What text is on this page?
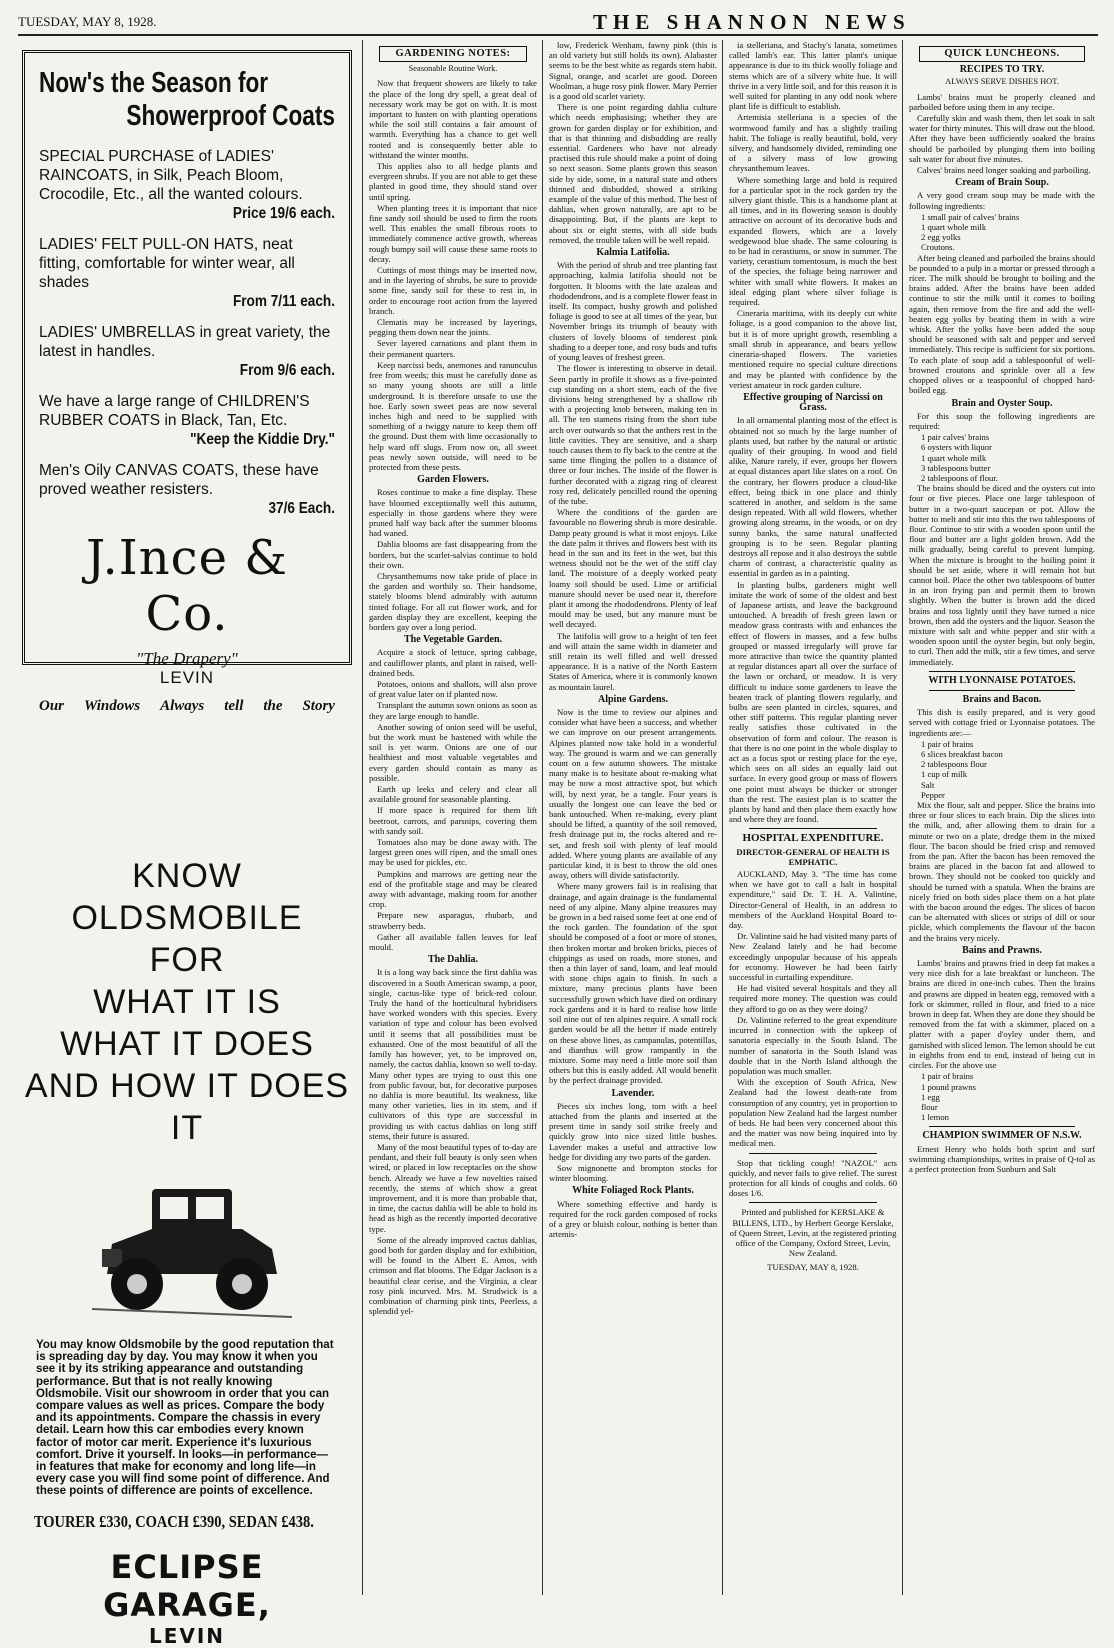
TUESDAY, MAY 8, 1928.	THE SHANNON NEWS
Now's the Season for
Showerproof Coats
SPECIAL PURCHASE of LADIES' RAINCOATS, in Silk, Peach Bloom, Crocodile, Etc., all the wanted colours.
Price 19/6 each.
LADIES' FELT PULL-ON HATS, neat fitting, comfortable for winter wear, all shades
From 7/11 each.
LADIES' UMBRELLAS in great variety, the latest in handles.
From 9/6 each.
We have a large range of CHILDREN'S RUBBER COATS in Black, Tan, Etc.
"Keep the Kiddie Dry."
Men's Oily CANVAS COATS, these have proved weather resisters.
37/6 Each.
J.Ince & Co.
"The Drapery"
LEVIN
Our Windows Always tell the Story
KNOW OLDSMOBILE
FOR
WHAT IT IS
WHAT IT DOES
AND HOW IT DOES IT
You may know Oldsmobile by the good reputation that is spreading day by day. You may know it when you see it by its striking appearance and outstanding performance. But that is not really knowing Oldsmobile. Visit our showroom in order that you can compare values as well as prices. Compare the body and its appointments. Compare the chassis in every detail. Learn how this car embodies every known factor of motor car merit. Experience it's luxurious comfort. Drive it yourself. In looks—in performance—in features that make for economy and long life—in every case you will find some point of difference. And these points of difference are points of excellence.
TOURER £330, COACH £390, SEDAN £438.
ECLIPSE GARAGE,
LEVIN
GARDENING NOTES:
Seasonable Routine Work.

Now that frequent showers are likely to take the place of the long dry spell, a great deal of necessary work may be got on with. It is most important to hasten on with planting operations while the soil still contains a fair amount of warmth. Everything has a chance to get well rooted and is consequently better able to withstand the winter months.

This applies also to all hedge plants and evergreen shrubs. If you are not able to get these planted in good time, they should stand over until spring.

When planting trees it is important that nice fine sandy soil should be used to firm the roots well. This enables the small fibrous roots to immediately commence active growth, whereas rough bumpy soil will cause these same roots to decay.

Cuttings of most things may be inserted now, and in the layering of shrubs, be sure to provide some fine, sandy soil for these to rest in, in order to encourage root action from the layered branch.

Clematis may be increased by layerings, pegging them down near the joints.

Sever layered carnations and plant them in their permanent quarters.

Keep narcissi beds, anemones and ranunculus free from weeds; this must be carefully done as so many young shoots are still a little underground. It is therefore unsafe to use the hoe. Early sown sweet peas are now several inches high and need to be supplied with something of a twiggy nature to keep them off the ground. Dust them with lime occasionally to help ward off slugs. From now on, all sweet peas newly sown outside, will need to be protected from these pests.

Garden Flowers.

Roses continue to make a fine display. These have bloomed exceptionally well this autumn, especially in those gardens where they were pruned half way back after the summer blooms had waned.

Dahlia blooms are fast disappearing from the borders, but the scarlet-salvias continue to hold their own.

Chrysanthemums now take pride of place in the garden and worthily so. Their handsome, stately blooms blend admirably with autumn tinted foliage. For all cut flower work, and for garden display they are excellent, keeping the borders gay over a long period.

The Vegetable Garden.

Acquire a stock of lettuce, spring cabbage, and cauliflower plants, and plant in raised, well-drained beds.

Potatoes, onions and shallots, will also prove of great value later on if planted now.

Transplant the autumn sown onions as soon as they are large enough to handle.

Another sowing of onion seed will be useful, but the work must be hastened with while the soil is yet warm. Onions are one of our healthiest and most valuable vegetables and every garden should contain as many as possible.

Earth up leeks and celery and clear all available ground for seasonable planting.

If more space is required for them lift beetroot, carrots, and parsnips, covering them with sandy soil.

Tomatoes also may be done away with. The largest green ones will ripen, and the small ones may be used for pickles, etc.

Pumpkins and marrows are getting near the end of the profitable stage and may be cleared away with advantage, making room for another crop.

Prepare new asparagus, rhubarb, and strawberry beds.

Gather all available fallen leaves for leaf mould.

The Dahlia.

It is a long way back since the first dahlia was discovered in a South American swamp, a poor, single, cactus-like type of brick-red colour. Truly the hand of the horticultural hybridisers have worked wonders with this species. Every variation of type and colour has been evolved until it seems that all possibilities must be exhausted. One of the most beautiful of all the family has however, yet, to be improved on, namely, the cactus dahlia, known so well to-day. Many other types are trying to oust this one from public favour, but, for decorative purposes no dahlia is more beautiful. Its weakness, like many other varieties, lies in its stem, and if cultivators of this type are successful in providing us with cactus dahlias on long stiff stems, their future is assured.

Many of the most beautiful types of to-day are pendant, and their full beauty is only seen when wired, or placed in low receptacles on the show bench. Already we have a few novelties raised recently, the stems of which show a great improvement, and it is more than probable that, in time, the cactus dahlia will be able to hold its head as high as the recently imported decorative type.

Some of the already improved cactus dahlias, good both for garden display and for exhibition, will be found in the Albert E. Amos, with crimson and flat blooms. The Edgar Jackson is a beautiful clear cerise, and the Virginia, a clear rosy pink incurved. Mrs. M. Strudwick is a combination of charming pink tints, Peerless, a splendid yel-

low, Frederick Wenham, fawny pink (this is an old variety but still holds its own). Alabaster seems to be the best white as regards stem habit. Signal, orange, and scarlet are good. Doreen Woolman, a huge rosy pink flower. Mary Perrier is a good old scarlet variety.

There is one point regarding dahlia culture which needs emphasising; whether they are grown for garden display or for exhibition, and that is that thinning and disbudding are really essential. Gardeners who have not already practised this rule should make a point of doing so next season. Some plants grown this season side by side, some, in a natural state and others thinned and disbudded, showed a striking example of the value of this method. The best of dahlias, when grown naturally, are apt to be disappointing. But, if the plants are kept to about six or eight stems, with all side buds removed, the trouble taken will be well repaid.

Kalmia Latifolia.

With the period of shrub and tree planting fast approaching, kalmia latifolia should not be forgotten. It blooms with the late azaleas and rhododendrons, and is a complete flower feast in itself. Its compact, bushy growth and polished foliage is good to see at all times of the year, but November brings its triumph of beauty with clusters of lovely blooms of tenderest pink shading to a deeper tone, and rosy buds and tufts of young leaves of freshest green.

The flower is interesting to observe in detail. Seen partly in profile it shows as a five-pointed cup standing on a short stem, each of the five divisions being strengthened by a shallow rib with a projecting knob between, making ten in all. The ten stamens rising from the short tube arch over outwards so that the anthers rest in the little cavities. They are sensitive, and a sharp touch causes them to fly back to the centre at the same time flinging the pollen to a distance of three or four inches. The inside of the flower is further decorated with a zigzag ring of clearest rosy red, delicately pencilled round the opening of the tube.

Where the conditions of the garden are favourable no flowering shrub is more desirable. Damp peaty ground is what it most enjoys. Like the date palm it thrives and flowers best with its head in the sun and its feet in the wet, but this wetness should not be the wet of the stiff clay land. The moisture of a deeply worked peaty loamy soil should be used. Lime or artificial manure should never be used near it, therefore plant it among the rhododendrons. Plenty of leaf mould may be used, but any manure must be well decayed.

The latifolia will grow to a height of ten feet and will attain the same width in diameter and still retain its well filled and well dressed appearance. It is a native of the North Eastern States of America, where it is commonly known as mountain laurel.

Alpine Gardens.

Now is the time to review our alpines and consider what have been a success, and whether we can improve on our present arrangements. Alpines planted now take hold in a wonderful way. The ground is warm and we can generally count on a few autumn showers. The mistake many make is to hesitate about re-making what may be now a most attractive spot, but which will, by next year, be a tangle. Four years is usually the longest one can leave the bed or bank untouched. When re-making, every plant should be lifted, a quantity of the soil removed, fresh drainage put in, the rocks altered and re-set, and fresh soil with plenty of leaf mould added. Where young plants are available of any particular kind, it is best to throw the old ones away, others will divide satisfactorily.

Where many growers fail is in realising that drainage, and again drainage is the fundamental need of any alpine. Many alpine treasures may be grown in a bed raised some feet at one end of the rock garden. The foundation of the spot should be composed of a foot or more of stones, then broken mortar and broken bricks, pieces of chippings as used on roads, more stones, and then a thin layer of sand, loam, and leaf mould with stone chips again to finish. In such a mixture, many precious plants have been successfully grown which have died on ordinary rock gardens and it is hard to realise how little soil nine out of ten alpines require. A small rock garden would be all the better if made entirely on these above lines, as campanulas, potentillas, and dianthus will grow rampantly in the mixture. Some may need a little more soil than others but this is easily added. All would benefit by the perfect drainage provided.

Lavender.

Pieces six inches long, torn with a heel attached from the plants and inserted at the present time in sandy soil strike freely and quickly grow into nice sized little bushes. Lavender makes a useful and attractive low hedge for dividing any two parts of the garden.

Sow mignonette and brompton stocks for winter blooming.

White Foliaged Rock Plants.

Where something effective and hardy is required for the rock garden composed of rocks of a grey or bluish colour, nothing is better than artemis-

ia stelleriana, and Stachy's lanata, sometimes called lamb's ear. This latter plant's unique appearance is due to its thick woolly foliage and stems which are of a silvery white hue. It will thrive in a very little soil, and for this reason it is well suited for planting in any odd nook where plant life is difficult to establish.

Artemisia stelleriana is a species of the wormwood family and has a slightly trailing habit. The foliage is really beautiful, bold, very silvery, and handsomely divided, reminding one of a silvery mass of low growing chrysanthemum leaves.

Where something large and bold is required for a particular spot in the rock garden try the silvery giant thistle. This is a handsome plant at all times, and in its flowering season is doubly attractive on account of its decorative buds and expanded flowers, which are a lovely wedgewood blue shade. The same colouring is to be had in cerastiums, or snow in summer. The variety, cerastium tomentosum, is much the best of the species, the foliage being narrower and whiter with small white flowers. It makes an ideal edging plant where silver foliage is required.

Cineraria maritima, with its deeply cut white foliage, is a good companion to the above list, but it is of more upright growth, resembling a small shrub in appearance, and bears yellow cineraria-shaped flowers. The varieties mentioned require no special culture directions and may be planted with confidence by the veriest amateur in rock garden culture.

Effective grouping of Narcissi on Grass.

In all ornamental planting most of the effect is obtained not so much by the large number of plants used, but rather by the natural or artistic quality of their grouping. In wood and field alike, Nature rarely, if ever, groups her flowers at equal distances apart like slates on a roof. On the contrary, her flowers produce a cloud-like effect, being thick in one place and thinly scattered in another, and seldom is the same design repeated. With all wild flowers, whether growing along streams, in the woods, or on dry sunny banks, the same natural unaffected grouping is to be seen. Regular planting destroys all repose and it also destroys the subtle charm of contrast, a characteristic quality as essential in garden as in a painting.

In planting bulbs, gardeners might well imitate the work of some of the oldest and best of Japanese artists, and leave the background untouched. A breadth of fresh green lawn or meadow grass contrasts with and enhances the effect of flowers in masses, and a few bulbs grouped or massed irregularly will prove far more attractive than twice the quantity planted at regular distances apart all over the surface of the lawn or orchard, or meadow. It is very difficult to induce some gardeners to leave the beaten track of planting flowers regularly, and bulbs are seen planted in circles, squares, and other stiff patterns. This regular planting never really satisfies those cultivated in the observation of form and colour. The reason is that there is no one point in the whole display to act as a focus spot or resting place for the eye, which sees on all sides an equally laid out surface. In every good group or mass of flowers one point must always be thicker or stronger than the rest. The easiest plan is to scatter the plants by hand and then place them exactly how and where they are found.

HOSPITAL EXPENDITURE.
DIRECTOR-GENERAL OF HEALTH IS EMPHATIC.

AUCKLAND, May 3. "The time has come when we have got to call a halt in hospital expenditure," said Dr. T. H. A. Valintine, Director-General of Health, in an address to members of the Auckland Hospital Board to-day.

Dr. Valintine said he had visited many parts of New Zealand lately and he had become exceedingly unpopular because of his appeals for economy. However he had been fairly successful in curtailing expenditure.

He had visited several hospitals and they all required more money. The question was could they afford to go on as they were doing?

Dr. Valintine referred to the great expenditure incurred in connection with the upkeep of sanatoria especially in the South Island. The number of sanatoria in the South Island was double that in the North Island although the population was much smaller.

With the exception of South Africa, New Zealand had the lowest death-rate from consumption of any country, yet in proportion to population New Zealand had the largest number of beds. He had been very concerned about this and the matter was now being inquired into by medical men.

Stop that tickling cough! "NAZOL" acts quickly, and never fails to give relief. The surest protection for all kinds of coughs and colds. 60 doses 1/6.

Printed and published for KERSLAKE & BILLENS, LTD., by Herbert George Kerslake, of Queen Street, Levin, at the registered printing office of the Company, Oxford Street, Levin, New Zealand.
TUESDAY, MAY 8, 1928.
QUICK LUNCHEONS.
RECIPES TO TRY.
ALWAYS SERVE DISHES HOT.

Lambs' brains must be properly cleaned and parboiled before using them in any recipe.

Carefully skin and wash them, then let soak in salt water for thirty minutes. This will draw out the blood. After they have been sufficiently soaked the brains should be parboiled by plunging them into boiling salt water for about five minutes.

Calves' brains need longer soaking and parboiling.

Cream of Brain Soup.

A very good cream soup may be made with the following ingredients:

1 small pair of calves' brains
1 quart whole milk
2 egg yolks
Croutons.

After being cleaned and parboiled the brains should be pounded to a pulp in a mortar or pressed through a ricer. The milk should be brought to boiling and the brains added. After the brains have been added continue to stir the milk until it comes to boiling again, then remove from the fire and add the well-beaten egg yolks by beating them in with a wire whisk. After the yolks have been added the soup should be seasoned with salt and pepper and served immediately. This recipe is sufficient for six portions. To each plate of soup add a tablespoonful of well-browned croutons and sprinkle over all a few chopped olives or a teaspoonful of chopped hard-boiled egg.

Brain and Oyster Soup.

For this soup the following ingredients are required:

1 pair calves' brains
6 oysters with liquor
1 quart whole milk
3 tablespoons butter
2 tablespoons of flour.

The brains should be diced and the oysters cut into four or five pieces. Place one large tablespoon of butter in a two-quart saucepan or pot. Allow the butter to melt and stir into this the two tablespoons of flour. Continue to stir with a wooden spoon until the flour and butter are a light golden brown. Add the milk gradually, being careful to prevent lumping. When the mixture is brought to the boiling point it should be set aside, where it will remain hot but cannot boil. Place the other two tablespoons of butter in an iron frying pan and permit them to brown slightly. When the butter is brown add the diced brains and toss lightly until they have turned a nice brown, then add the oysters and the liquor. Season the mixture with salt and white pepper and stir with a wooden spoon until the oyster begin, but only begin, to curl. Then add the milk, stir a few times, and serve immediately.

WITH LYONNAISE POTATOES.
Brains and Bacon.

This dish is easily prepared, and is very good served with cottage fried or Lyonnaise potatoes. The ingredients are:—

1 pair of brains
6 slices breakfast bacon
2 tablespoons flour
1 cup of milk
Salt
Pepper

Mix the flour, salt and pepper. Slice the brains into three or four slices to each brain. Dip the slices into the milk, and, after allowing them to drain for a minute or two on a plate, dredge them in the mixed flour. The bacon should be fried crisp and removed from the pan. After the bacon has been removed the brains are placed in the bacon fat and allowed to brown. They should not be cooked too quickly and should be turned with a spatula. When the brains are nicely fried on both sides place them on a hot plate with the bacon around the edges. The slices of bacon can be alternated with slices or strips of dill or sour pickle, which complements the flavour of the bacon and the brains very nicely.

Bains and Prawns.

Lambs' brains and prawns fried in deep fat makes a very nice dish for a late breakfast or luncheon. The brains are diced in one-inch cubes. Then the brains and prawns are dipped in beaten egg, removed with a fork or skimmer, rolled in flour, and fried to a nice brown in deep fat. When they are done they should be removed from the fat with a skimmer, placed on a platter with a paper d'oyley under them, and garnished with sliced lemon. The lemon should be cut in eighths from end to end, instead of being cut in circles. For the above use

1 pair of brains
1 pound prawns
1 egg
flour
1 lemon
CHAMPION SWIMMER OF N.S.W.

Ernest Henry who holds both sprint and surf swimming championships, writes in praise of Q-tol as a perfect protection from Sunburn and Salt
